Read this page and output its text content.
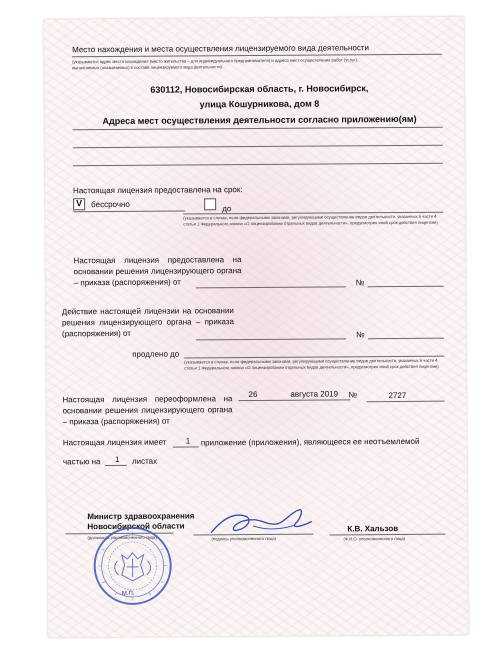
Место нахождения и места осуществления лицензируемого вида деятельности
(указываются адрес места нахождения (место жительства – для индивидуального предпринимателя) и адреса мест осуществления работ (услуг),
выполняемых (оказываемых) в составе лицензируемого вида деятельности)
630112, Новосибирская область, г. Новосибирск,
улица Кошурникова, дом 8
Адреса мест осуществления деятельности согласно приложению(ям)
Настоящая лицензия предоставлена на срок:
V бессрочно	до
(указывается в случае, если федеральными законами, регулирующими осуществление видов деятельности, указанных в части 4 статьи 1 Федерального закона «О лицензировании отдельных видов деятельности», предусмотрен иной срок действия лицензии)
Настоящая лицензия предоставлена на основании решения лицензирующего органа – приказа (распоряжения) от	№
Действие настоящей лицензии на основании решения лицензирующего органа – приказа (распоряжения) от	№
продлено до
(указывается в случае, если федеральными законами, регулирующими осуществление видов деятельности, указанных в части 4 статьи 1 Федерального закона «О лицензировании отдельных видов деятельности», предусмотрен иной срок действия лицензии)
Настоящая лицензия переоформлена на основании решения лицензирующего органа – приказа (распоряжения) от
26	августа 2019 №	2727
Настоящая лицензия имеет 1 приложение (приложения), являющееся ее неотъемлемой
частью на 1 листах
Министр здравоохранения
Новосибирской области
(должность уполномоченного лица)	(подпись уполномоченного лица)
К.В. Хальзов
(Ф.И.О. уполномоченного лица)
М.П.
